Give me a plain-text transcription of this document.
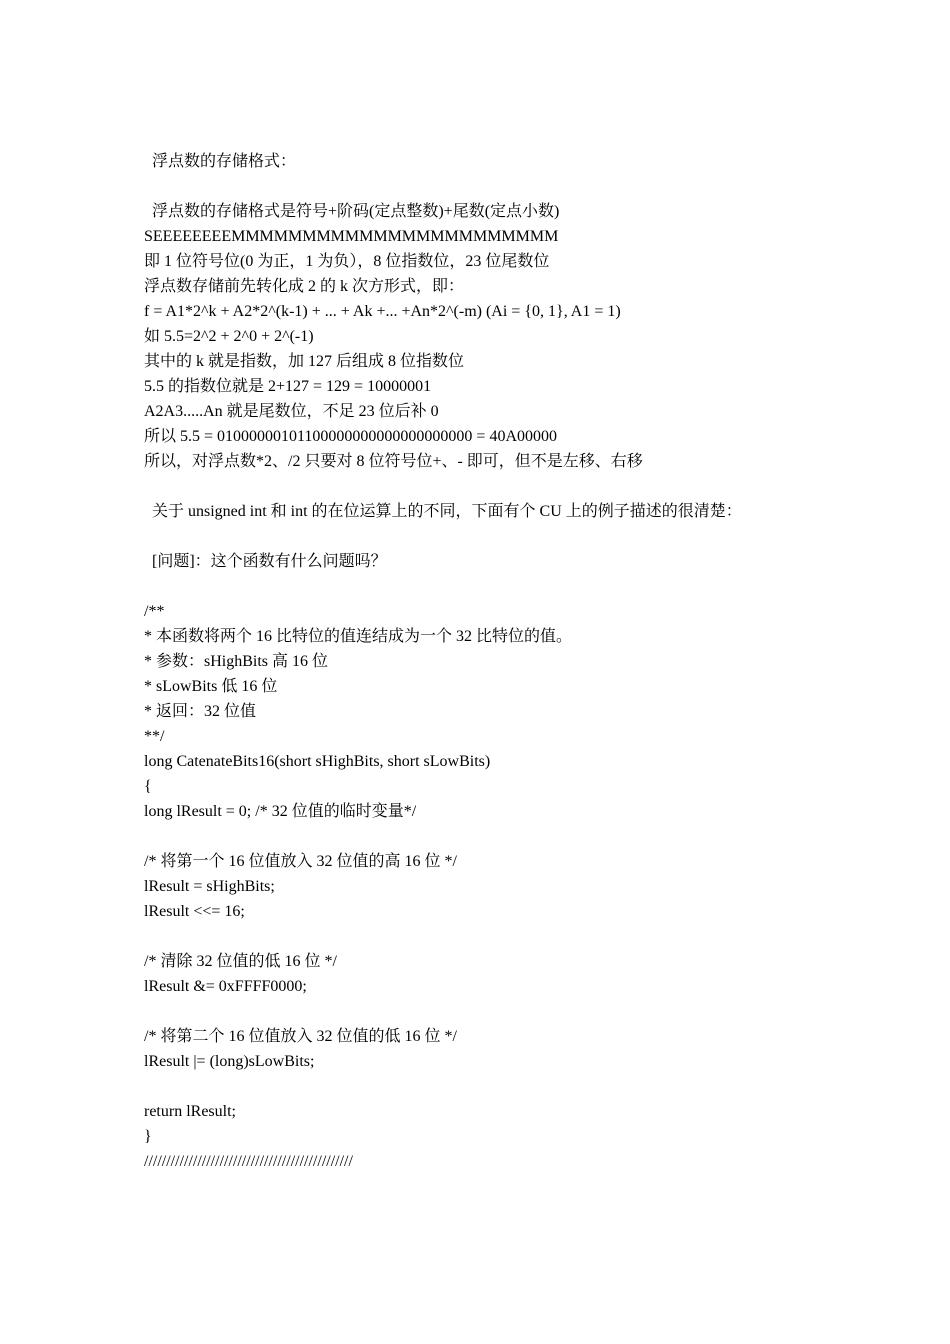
浮点数的存储格式：
浮点数的存储格式是符号+阶码(定点整数)+尾数(定点小数)
SEEEEEEEEMMMMMMMMMMMMMMMMMMMMMMM
即 1 位符号位(0 为正，1 为负），8 位指数位，23 位尾数位
浮点数存储前先转化成 2 的 k 次方形式，即：
f = A1*2^k + A2*2^(k-1) + ... + Ak +... +An*2^(-m) (Ai = {0, 1}, A1 = 1)
如 5.5=2^2 + 2^0 + 2^(-1)
其中的 k 就是指数，加 127 后组成 8 位指数位
5.5 的指数位就是 2+127 = 129 = 10000001
A2A3.....An 就是尾数位，不足 23 位后补 0
所以 5.5 = 01000000101100000000000000000000 = 40A00000
所以，对浮点数*2、/2 只要对 8 位符号位+、- 即可，但不是左移、右移
关于 unsigned int 和 int 的在位运算上的不同，下面有个 CU 上的例子描述的很清楚：
[问题]：这个函数有什么问题吗？
/**
* 本函数将两个 16 比特位的值连结成为一个 32 比特位的值。
* 参数：sHighBits 高 16 位
* sLowBits 低 16 位
* 返回：32 位值
**/
long CatenateBits16(short sHighBits, short sLowBits)
{
long lResult = 0; /* 32 位值的临时变量*/
/* 将第一个 16 位值放入 32 位值的高 16 位 */
lResult = sHighBits;
lResult <<= 16;
/* 清除 32 位值的低 16 位 */
lResult &= 0xFFFF0000;
/* 将第二个 16 位值放入 32 位值的低 16 位 */
lResult |= (long)sLowBits;
return lResult;
}
///////////////////////////////////////////////
